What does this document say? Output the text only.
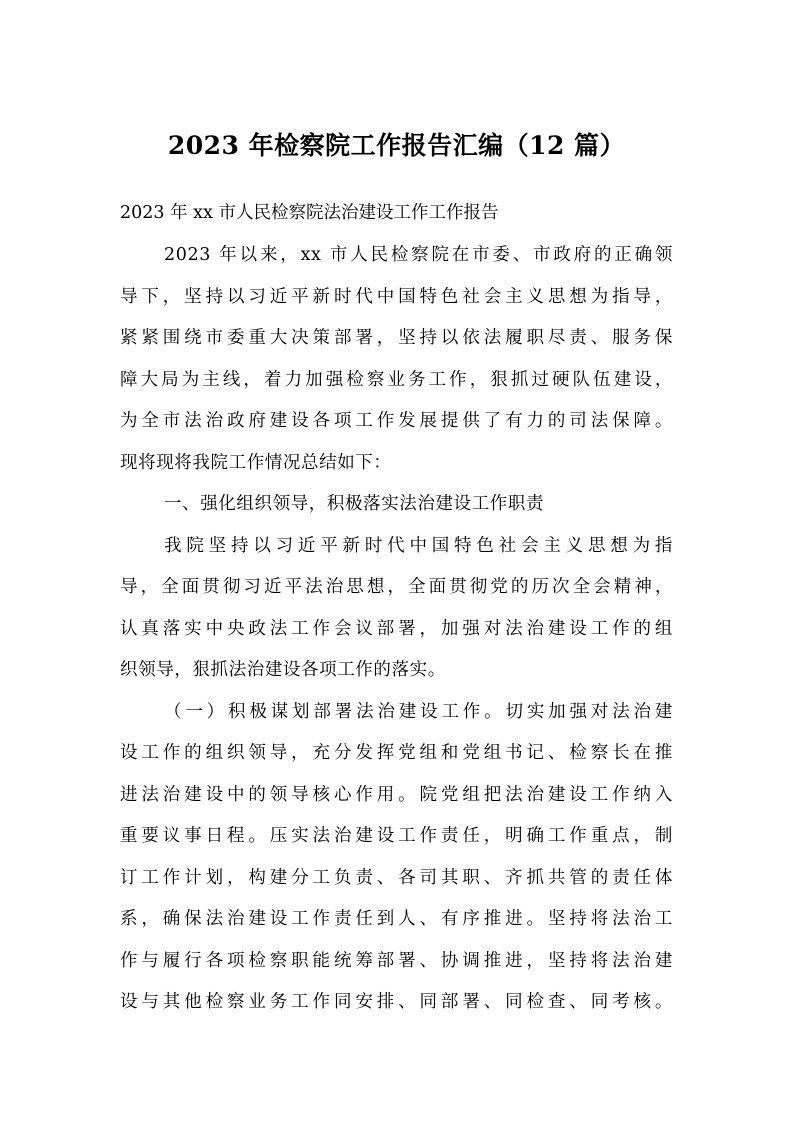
2023 年检察院工作报告汇编（12 篇）

2023 年 xx 市人民检察院法治建设工作工作报告

2023 年以来，xx 市人民检察院在市委、市政府的正确领

导下，坚持以习近平新时代中国特色社会主义思想为指导，

紧紧围绕市委重大决策部署，坚持以依法履职尽责、服务保

障大局为主线，着力加强检察业务工作，狠抓过硬队伍建设，

为全市法治政府建设各项工作发展提供了有力的司法保障。

现将现将我院工作情况总结如下：

一、强化组织领导，积极落实法治建设工作职责

我院坚持以习近平新时代中国特色社会主义思想为指

导，全面贯彻习近平法治思想，全面贯彻党的历次全会精神，

认真落实中央政法工作会议部署，加强对法治建设工作的组

织领导，狠抓法治建设各项工作的落实。

（一）积极谋划部署法治建设工作。切实加强对法治建

设工作的组织领导，充分发挥党组和党组书记、检察长在推

进法治建设中的领导核心作用。院党组把法治建设工作纳入

重要议事日程。压实法治建设工作责任，明确工作重点，制

订工作计划，构建分工负责、各司其职、齐抓共管的责任体

系，确保法治建设工作责任到人、有序推进。坚持将法治工

作与履行各项检察职能统筹部署、协调推进，坚持将法治建

设与其他检察业务工作同安排、同部署、同检查、同考核。
